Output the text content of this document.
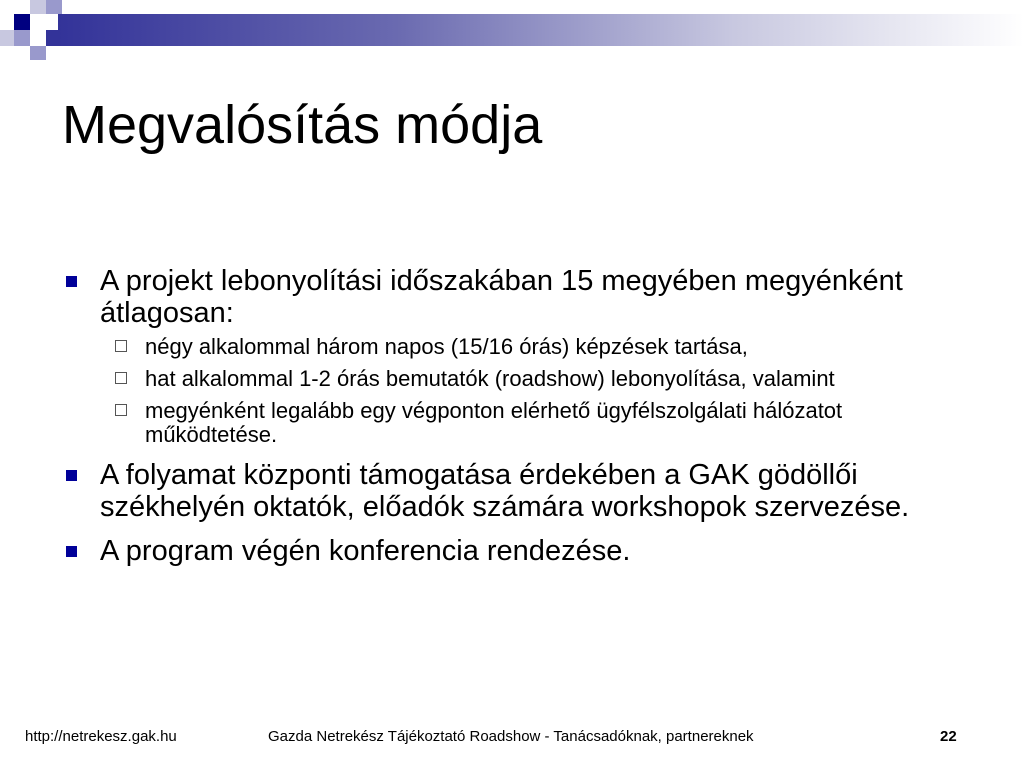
Megvalósítás módja
A projekt lebonyolítási időszakában 15 megyében megyénként átlagosan:
négy alkalommal három napos (15/16 órás) képzések tartása,
hat alkalommal 1-2 órás bemutatók (roadshow) lebonyolítása, valamint
megyénként legalább egy végponton elérhető ügyfélszolgálati hálózatot működtetése.
A folyamat központi támogatása érdekében a GAK gödöllői székhelyén oktatók, előadók számára workshopok szervezése.
A program végén konferencia rendezése.
http://netrekesz.gak.hu	Gazda Netrekész Tájékoztató Roadshow - Tanácsadóknak, partnereknek	22
